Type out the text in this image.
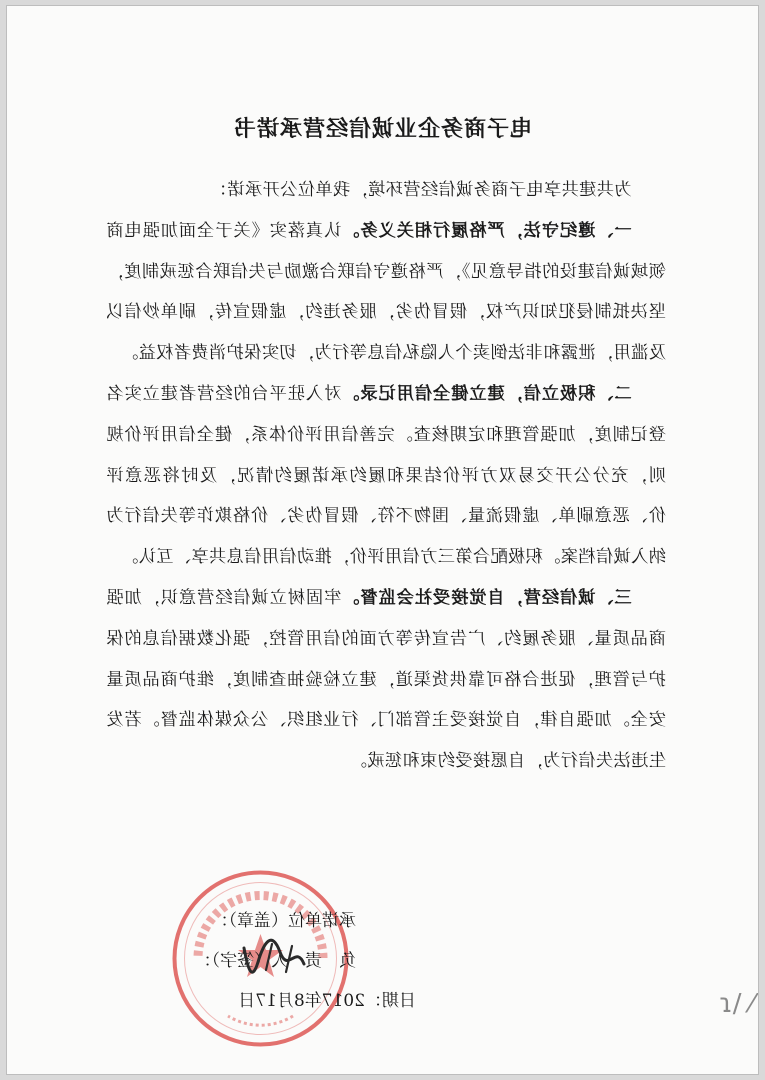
电子商务企业诚信经营承诺书

为共建共享电子商务诚信经营环境，我单位公开承诺：

一、遵纪守法，严格履行相关义务。认真落实《关于全面加强电商领域诚信建设的指导意见》，严格遵守信联合激励与失信联合惩戒制度，坚决抵制侵犯知识产权，假冒伪劣，服务违约，虚假宣传，刷单炒信以及滥用，泄露和非法倒卖个人隐私信息等行为，切实保护消费者权益。

二、积极立信，建立健全信用记录。对入驻平台的经营者建立实名登记制度，加强管理和定期核查。完善信用评价体系，健全信用评价规则，充分公开交易双方评价结果和履约承诺履约情况，及时将恶意评价、恶意刷单、虚假流量、围物不符、假冒伪劣、价格欺诈等失信行为纳入诚信档案。积极配合第三方信用评价，推动信用信息共享、互认。

三、诚信经营，自觉接受社会监督。牢固树立诚信经营意识，加强商品质量、服务履约、广告宣传等方面的信用管控，强化数据信息的保护与管理，促进合格可靠供货渠道，建立检验抽查制度，维护商品质量安全。加强自律，自觉接受主管部门、行业组织、公众媒体监督。若发生违法失信行为，自愿接受约束和惩戒。

承诺单位（盖章）：
负　责　人（签字）：
日期：2017年8月17日	ɿ/ ⁄
